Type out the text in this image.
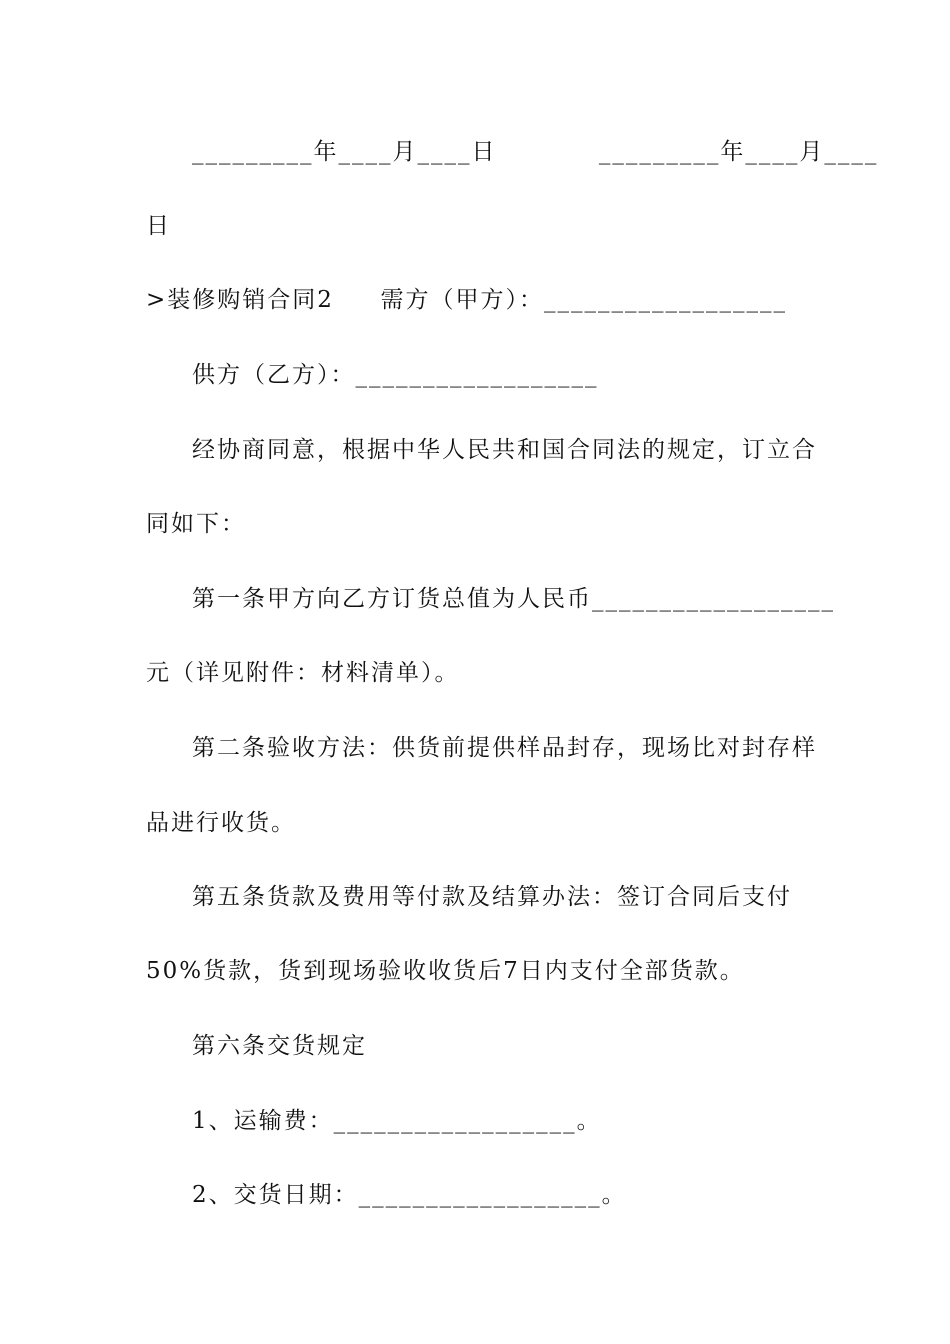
_________年____月____日           _________年____月____
日
>装修购销合同2     需方（甲方）：__________________
供方（乙方）：__________________
经协商同意，根据中华人民共和国合同法的规定，订立合
同如下：
第一条甲方向乙方订货总值为人民币__________________
元（详见附件：材料清单）。
第二条验收方法：供货前提供样品封存，现场比对封存样
品进行收货。
第五条货款及费用等付款及结算办法：签订合同后支付
50%货款，货到现场验收收货后7日内支付全部货款。
第六条交货规定
1、运输费：__________________。
2、交货日期：__________________。
